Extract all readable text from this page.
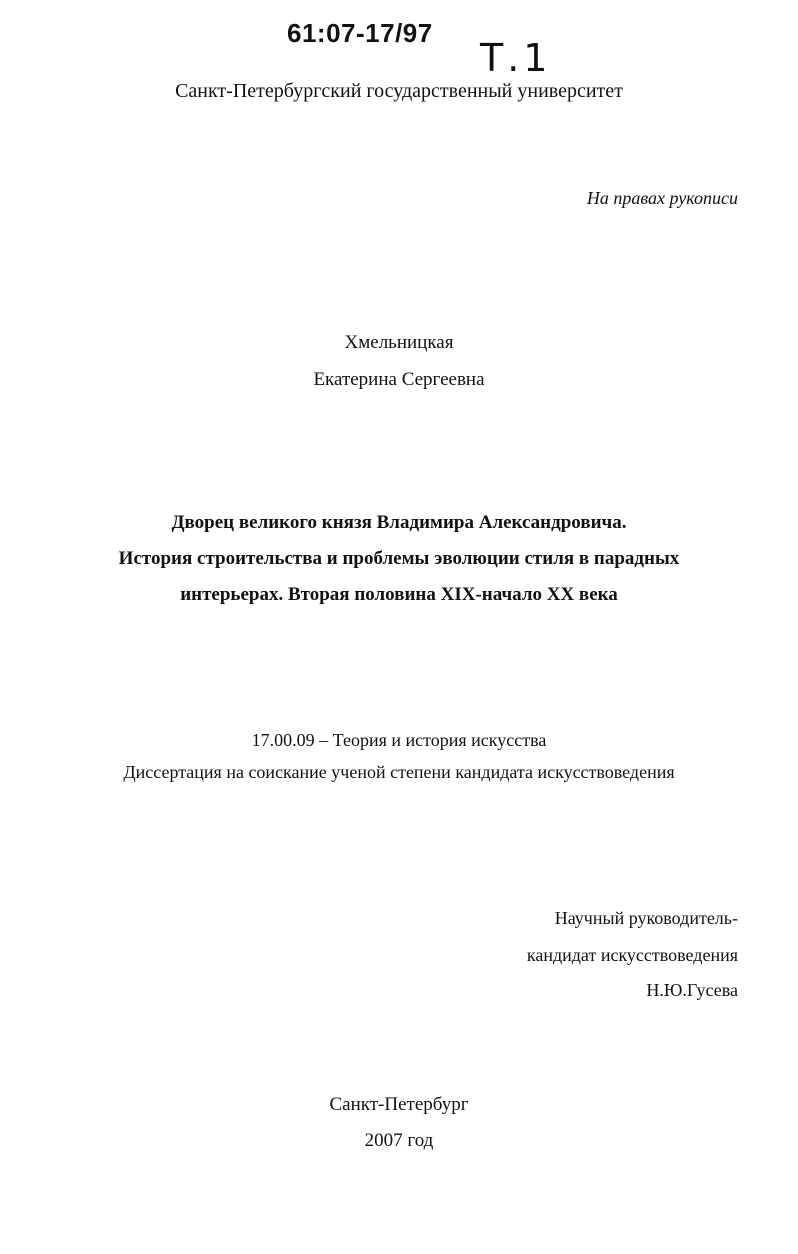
61:07-17/97
Т.1
Санкт-Петербургский государственный университет
На правах рукописи
Хмельницкая
Екатерина Сергеевна
Дворец великого князя Владимира Александровича.
История строительства и проблемы эволюции стиля в парадных
интерьерах. Вторая половина XIX-начало XX века
17.00.09 – Теория и история искусства
Диссертация на соискание ученой степени кандидата искусствоведения
Научный руководитель-
кандидат искусствоведения
Н.Ю.Гусева
Санкт-Петербург
2007 год
